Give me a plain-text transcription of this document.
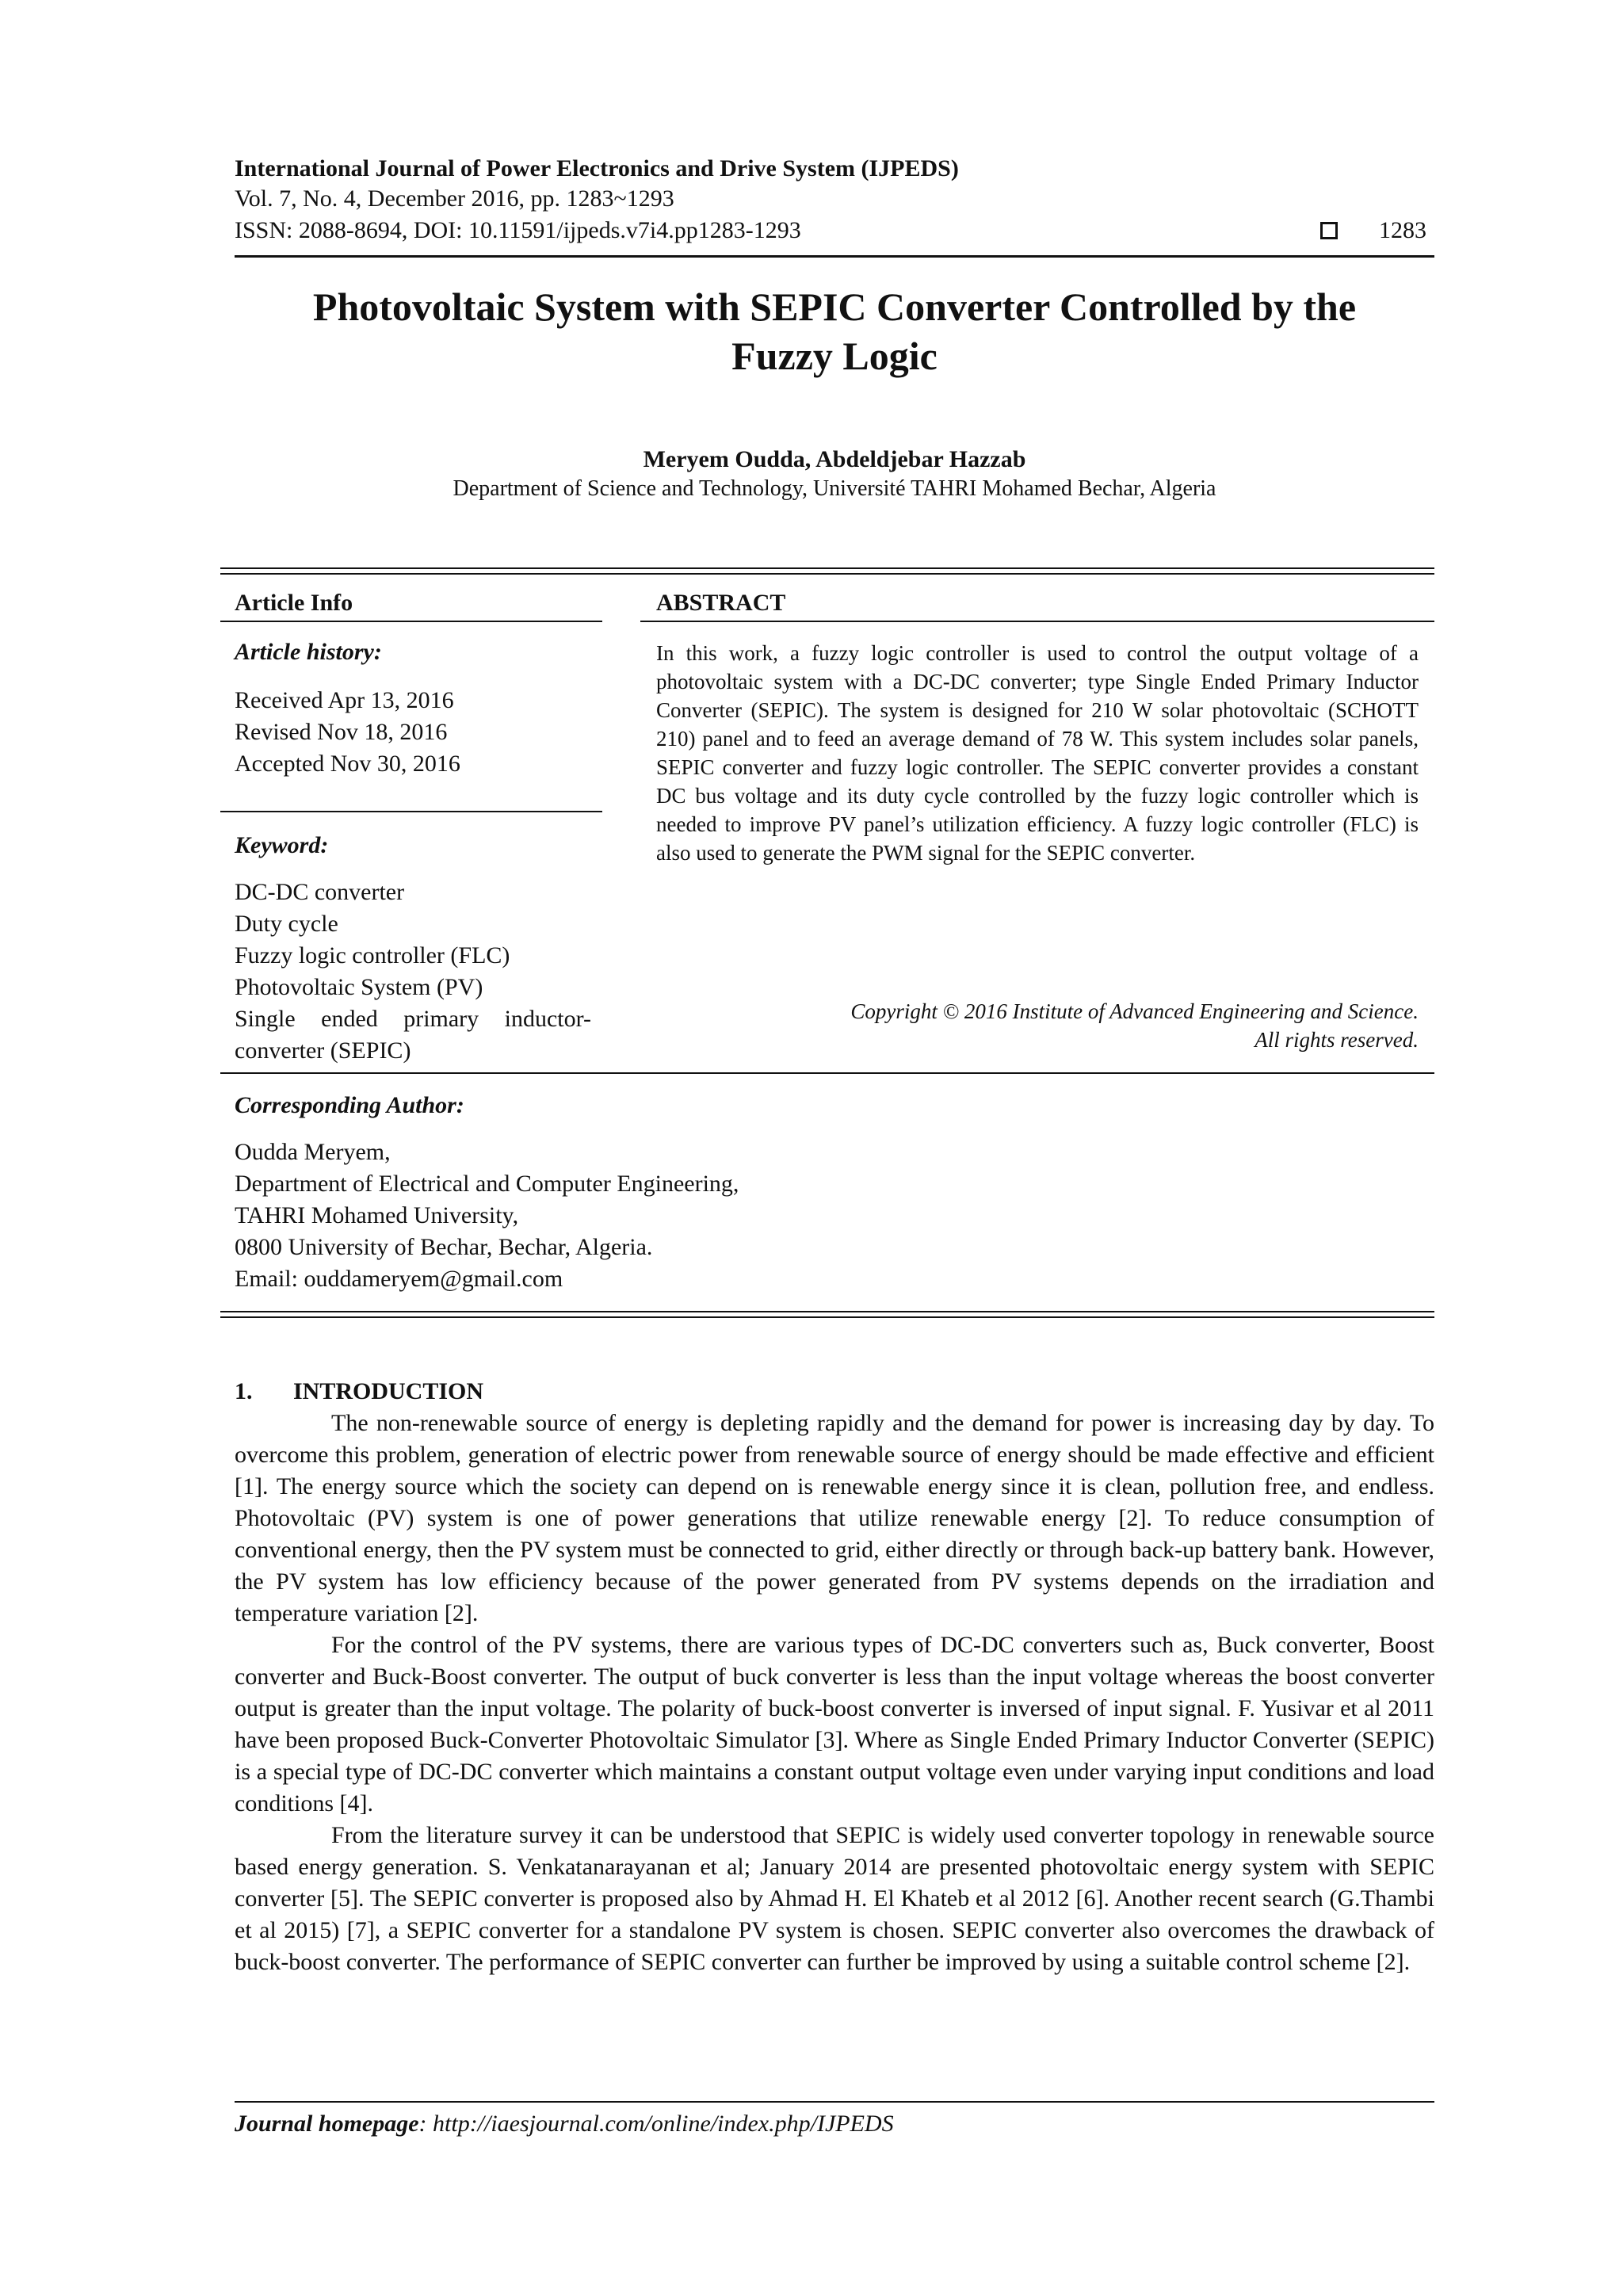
International Journal of Power Electronics and Drive System (IJPEDS)
Vol. 7, No. 4, December 2016, pp. 1283~1293
ISSN: 2088-8694, DOI: 10.11591/ijpeds.v7i4.pp1283-1293	1283
Photovoltaic System with SEPIC Converter Controlled by the
Fuzzy Logic
Meryem Oudda, Abdeldjebar Hazzab
Department of Science and Technology, Université TAHRI Mohamed Bechar, Algeria
Article Info
Article history:
Received Apr 13, 2016
Revised Nov 18, 2016
Accepted Nov 30, 2016
Keyword:
DC-DC converter
Duty cycle
Fuzzy logic controller (FLC)
Photovoltaic System (PV)
Single ended primary inductor-converter (SEPIC)
ABSTRACT
In this work, a fuzzy logic controller is used to control the output voltage of a photovoltaic system with a DC-DC converter; type Single Ended Primary Inductor Converter (SEPIC). The system is designed for 210 W solar photovoltaic (SCHOTT 210) panel and to feed an average demand of 78 W. This system includes solar panels, SEPIC converter and fuzzy logic controller. The SEPIC converter provides a constant DC bus voltage and its duty cycle controlled by the fuzzy logic controller which is needed to improve PV panel’s utilization efficiency. A fuzzy logic controller (FLC) is also used to generate the PWM signal for the SEPIC converter.
Copyright © 2016 Institute of Advanced Engineering and Science.
All rights reserved.
Corresponding Author:
Oudda Meryem,
Department of Electrical and Computer Engineering,
TAHRI Mohamed University,
0800 University of Bechar, Bechar, Algeria.
Email: ouddameryem@gmail.com
1. INTRODUCTION

The non-renewable source of energy is depleting rapidly and the demand for power is increasing day by day. To overcome this problem, generation of electric power from renewable source of energy should be made effective and efficient [1]. The energy source which the society can depend on is renewable energy since it is clean, pollution free, and endless. Photovoltaic (PV) system is one of power generations that utilize renewable energy [2]. To reduce consumption of conventional energy, then the PV system must be connected to grid, either directly or through back-up battery bank. However, the PV system has low efficiency because of the power generated from PV systems depends on the irradiation and temperature variation [2].

For the control of the PV systems, there are various types of DC-DC converters such as, Buck converter, Boost converter and Buck-Boost converter. The output of buck converter is less than the input voltage whereas the boost converter output is greater than the input voltage. The polarity of buck-boost converter is inversed of input signal. F. Yusivar et al 2011 have been proposed Buck-Converter Photovoltaic Simulator [3]. Where as Single Ended Primary Inductor Converter (SEPIC) is a special type of DC-DC converter which maintains a constant output voltage even under varying input conditions and load conditions [4].

From the literature survey it can be understood that SEPIC is widely used converter topology in renewable source based energy generation. S. Venkatanarayanan et al; January 2014 are presented photovoltaic energy system with SEPIC converter [5]. The SEPIC converter is proposed also by Ahmad H. El Khateb et al 2012 [6]. Another recent search (G.Thambi et al 2015) [7], a SEPIC converter for a standalone PV system is chosen. SEPIC converter also overcomes the drawback of buck-boost converter. The performance of SEPIC converter can further be improved by using a suitable control scheme [2].

Journal homepage: http://iaesjournal.com/online/index.php/IJPEDS
